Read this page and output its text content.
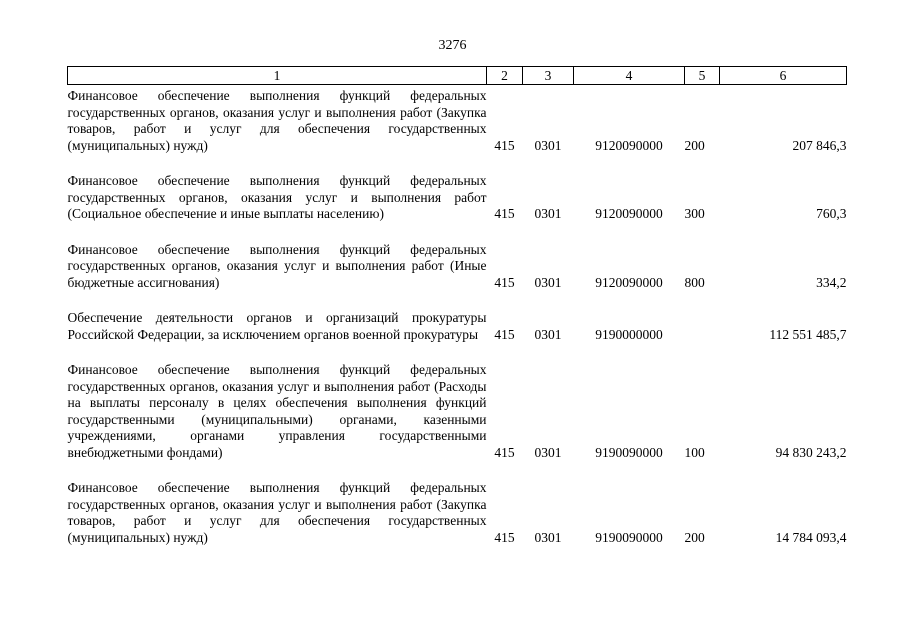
3276
1	2	3	4	5	6
Финансовое обеспечение выполнения функций федеральных государственных органов, оказания услуг и выполнения работ (Закупка товаров, работ и услуг для обеспечения государственных (муниципальных) нужд)	415	0301	9120090000	200	207 846,3

Финансовое обеспечение выполнения функций федеральных государственных органов, оказания услуг и выполнения работ (Социальное обеспечение и иные выплаты населению)	415	0301	9120090000	300	760,3

Финансовое обеспечение выполнения функций федеральных государственных органов, оказания услуг и выполнения работ (Иные бюджетные ассигнования)	415	0301	9120090000	800	334,2

Обеспечение деятельности органов и организаций прокуратуры Российской Федерации, за исключением органов военной прокуратуры	415	0301	9190000000		112 551 485,7

Финансовое обеспечение выполнения функций федеральных государственных органов, оказания услуг и выполнения работ (Расходы на выплаты персоналу в целях обеспечения выполнения функций государственными (муниципальными) органами, казенными учреждениями, органами управления государственными внебюджетными фондами)	415	0301	9190090000	100	94 830 243,2

Финансовое обеспечение выполнения функций федеральных государственных органов, оказания услуг и выполнения работ (Закупка товаров, работ и услуг для обеспечения государственных (муниципальных) нужд)	415	0301	9190090000	200	14 784 093,4
